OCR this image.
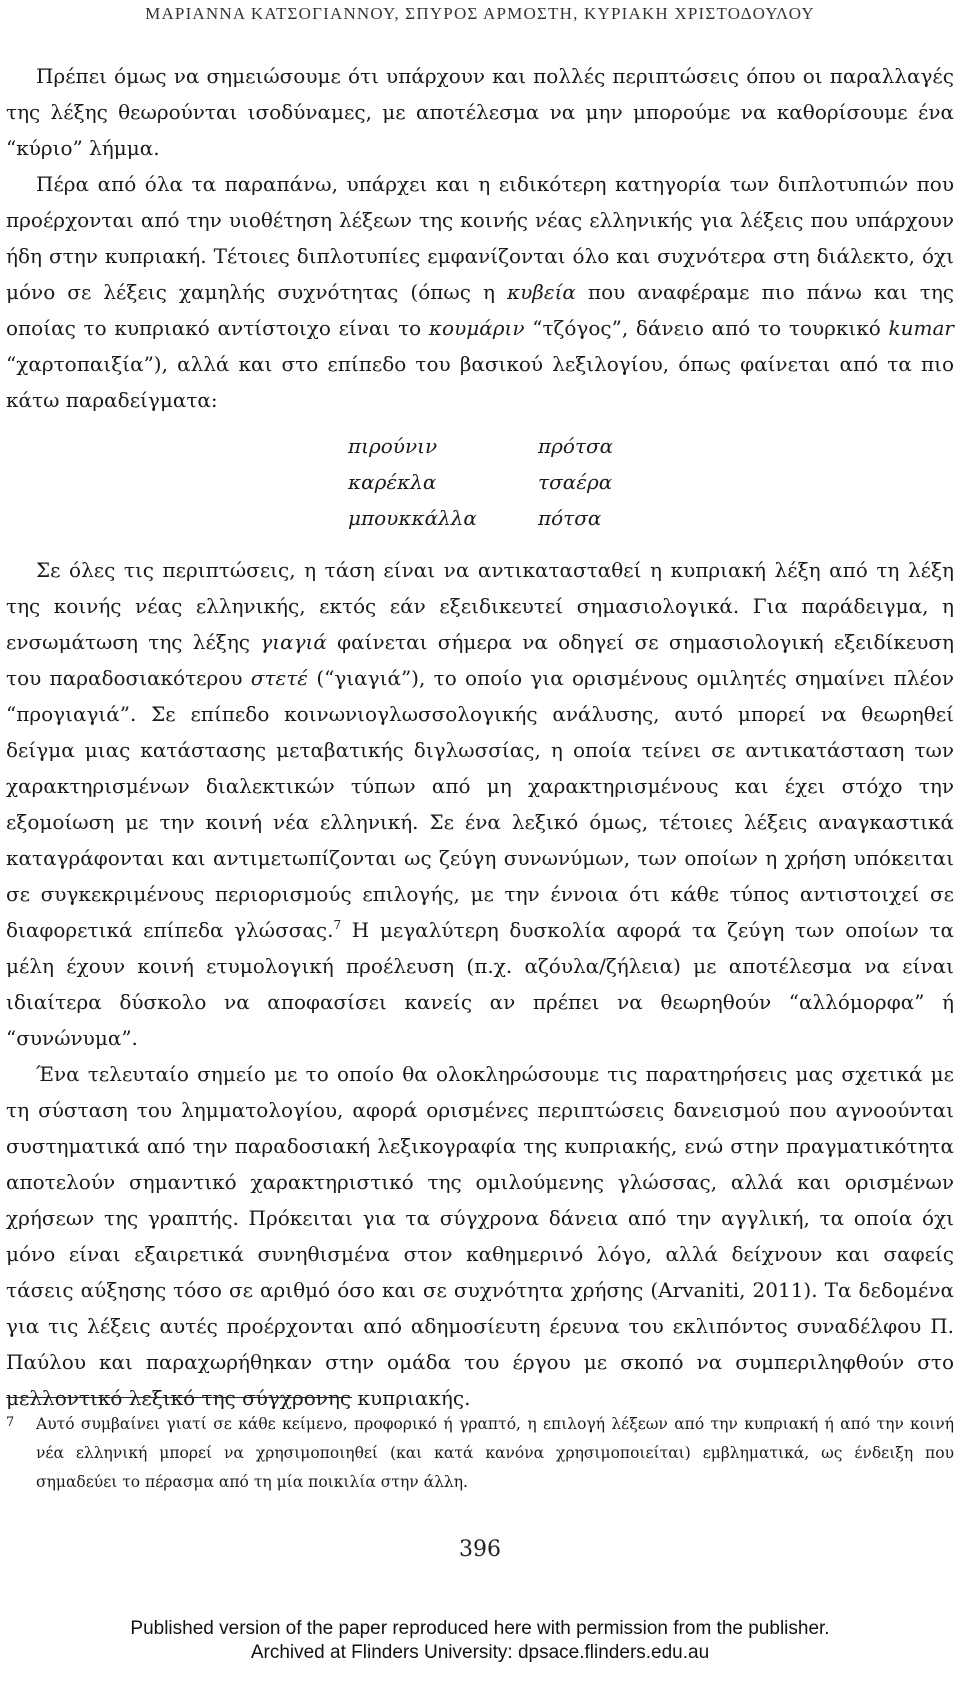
ΜΑΡΙΑΝΝΑ ΚΑΤΣΟΓΙΑΝΝΟΥ, ΣΠΥΡΟΣ ΑΡΜΟΣΤΗ, ΚΥΡΙΑΚΗ ΧΡΙΣΤΟΔΟΥΛΟΥ

Πρέπει όμως να σημειώσουμε ότι υπάρχουν και πολλές περιπτώσεις όπου οι παραλλαγές της λέξης θεωρούνται ισοδύναμες, με αποτέλεσμα να μην μπορούμε να καθορίσουμε ένα “κύριο” λήμμα.

Πέρα από όλα τα παραπάνω, υπάρχει και η ειδικότερη κατηγορία των διπλοτυπιών που προέρχονται από την υιοθέτηση λέξεων της κοινής νέας ελληνικής για λέξεις που υπάρχουν ήδη στην κυπριακή. Τέτοιες διπλοτυπίες εμφανίζονται όλο και συχνότερα στη διάλεκτο, όχι μόνο σε λέξεις χαμηλής συχνότητας (όπως η κυβεία που αναφέραμε πιο πάνω και της οποίας το κυπριακό αντίστοιχο είναι το κουμάριν “τζόγος”, δάνειο από το τουρκικό kumar “χαρτοπαιξία”), αλλά και στο επίπεδο του βασικού λεξιλογίου, όπως φαίνεται από τα πιο κάτω παραδείγματα:

πιρούνιν	πρότσα
καρέκλα	τσαέρα
μπουκκάλλα	πότσα

Σε όλες τις περιπτώσεις, η τάση είναι να αντικατασταθεί η κυπριακή λέξη από τη λέξη της κοινής νέας ελληνικής, εκτός εάν εξειδικευτεί σημασιολογικά. Για παράδειγμα, η ενσωμάτωση της λέξης γιαγιά φαίνεται σήμερα να οδηγεί σε σημασιολογική εξειδίκευση του παραδοσιακότερου στετέ (“γιαγιά”), το οποίο για ορισμένους ομιλητές σημαίνει πλέον “προγιαγιά”. Σε επίπεδο κοινωνιογλωσσολογικής ανάλυσης, αυτό μπορεί να θεωρηθεί δείγμα μιας κατάστασης μεταβατικής διγλωσσίας, η οποία τείνει σε αντικατάσταση των χαρακτηρισμένων διαλεκτικών τύπων από μη χαρακτηρισμένους και έχει στόχο την εξομοίωση με την κοινή νέα ελληνική. Σε ένα λεξικό όμως, τέτοιες λέξεις αναγκαστικά καταγράφονται και αντιμετωπίζονται ως ζεύγη συνωνύμων, των οποίων η χρήση υπόκειται σε συγκεκριμένους περιορισμούς επιλογής, με την έννοια ότι κάθε τύπος αντιστοιχεί σε διαφορετικά επίπεδα γλώσσας.$^7$ Η μεγαλύτερη δυσκολία αφορά τα ζεύγη των οποίων τα μέλη έχουν κοινή ετυμολογική προέλευση (π.χ. αζόυλα/ζήλεια) με αποτέλεσμα να είναι ιδιαίτερα δύσκολο να αποφασίσει κανείς αν πρέπει να θεωρηθούν “αλλόμορφα” ή “συνώνυμα”.

Ένα τελευταίο σημείο με το οποίο θα ολοκληρώσουμε τις παρατηρήσεις μας σχετικά με τη σύσταση του λημματολογίου, αφορά ορισμένες περιπτώσεις δανεισμού που αγνοούνται συστηματικά από την παραδοσιακή λεξικογραφία της κυπριακής, ενώ στην πραγματικότητα αποτελούν σημαντικό χαρακτηριστικό της ομιλούμενης γλώσσας, αλλά και ορισμένων χρήσεων της γραπτής. Πρόκειται για τα σύγχρονα δάνεια από την αγγλική, τα οποία όχι μόνο είναι εξαιρετικά συνηθισμένα στον καθημερινό λόγο, αλλά δείχνουν και σαφείς τάσεις αύξησης τόσο σε αριθμό όσο και σε συχνότητα χρήσης (Arvaniti, 2011). Τα δεδομένα για τις λέξεις αυτές προέρχονται από αδημοσίευτη έρευνα του εκλιπόντος συναδέλφου Π. Παύλου και παραχωρήθηκαν στην ομάδα του έργου με σκοπό να συμπεριληφθούν στο μελλοντικό λεξικό της σύγχρονης κυπριακής.

7	Αυτό συμβαίνει γιατί σε κάθε κείμενο, προφορικό ή γραπτό, η επιλογή λέξεων από την κυπριακή ή από την κοινή νέα ελληνική μπορεί να χρησιμοποιηθεί (και κατά κανόνα χρησιμοποιείται) εμβληματικά, ως ένδειξη που σημαδεύει το πέρασμα από τη μία ποικιλία στην άλλη.
396
Published version of the paper reproduced here with permission from the publisher.
Archived at Flinders University: dpsace.flinders.edu.au
